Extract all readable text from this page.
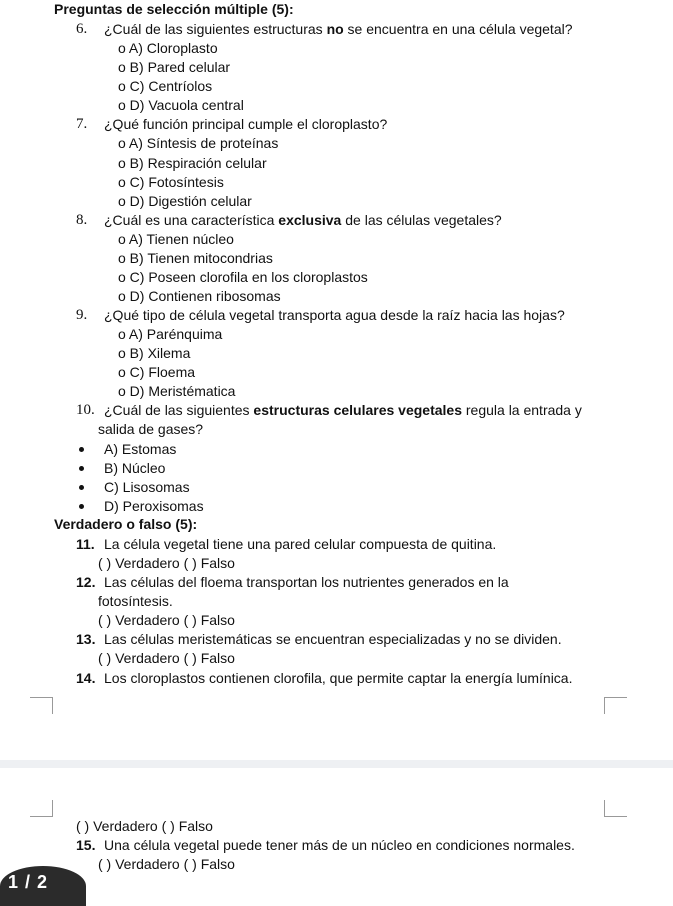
Preguntas de selección múltiple (5):
6. ¿Cuál de las siguientes estructuras no se encuentra en una célula vegetal?
o A) Cloroplasto
o B) Pared celular
o C) Centríolos
o D) Vacuola central
7. ¿Qué función principal cumple el cloroplasto?
o A) Síntesis de proteínas
o B) Respiración celular
o C) Fotosíntesis
o D) Digestión celular
8. ¿Cuál es una característica exclusiva de las células vegetales?
o A) Tienen núcleo
o B) Tienen mitocondrias
o C) Poseen clorofila en los cloroplastos
o D) Contienen ribosomas
9. ¿Qué tipo de célula vegetal transporta agua desde la raíz hacia las hojas?
o A) Parénquima
o B) Xilema
o C) Floema
o D) Meristématica
10. ¿Cuál de las siguientes estructuras celulares vegetales regula la entrada y
salida de gases?
A) Estomas
B) Núcleo
C) Lisosomas
D) Peroxisomas
Verdadero o falso (5):
11. La célula vegetal tiene una pared celular compuesta de quitina.
( ) Verdadero ( ) Falso
12. Las células del floema transportan los nutrientes generados en la
fotosíntesis.
( ) Verdadero ( ) Falso
13. Las células meristemáticas se encuentran especializadas y no se dividen.
( ) Verdadero ( ) Falso
14. Los cloroplastos contienen clorofila, que permite captar la energía lumínica.
( ) Verdadero ( ) Falso
15. Una célula vegetal puede tener más de un núcleo en condiciones normales.
( ) Verdadero ( ) Falso
1 / 2
